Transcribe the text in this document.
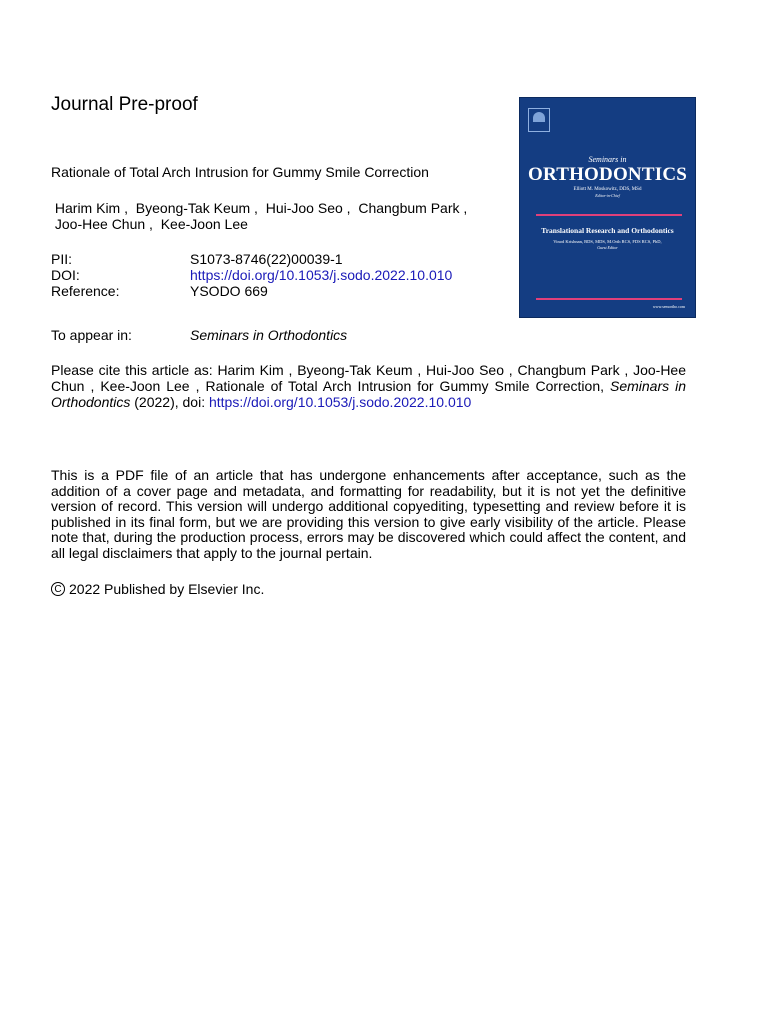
Journal Pre-proof
Seminars in
ORTHODONTICS
Elliott M. Moskowitz, DDS, MSd
Editor-in-Chief
Translational Research and Orthodontics
Vinod Krishnan, BDS, MDS, M.Orth RCS, FDS RCS, PhD,
Guest Editor
www.semortho.com
Rationale of Total Arch Intrusion for Gummy Smile Correction
Harim Kim ,  Byeong-Tak Keum ,  Hui-Joo Seo ,  Changbum Park ,
Joo-Hee Chun ,  Kee-Joon Lee
PII:	S1073-8746(22)00039-1
DOI:	https://doi.org/10.1053/j.sodo.2022.10.010
Reference:	YSODO 669
To appear in:	Seminars in Orthodontics
Please cite this article as: Harim Kim , Byeong-Tak Keum , Hui-Joo Seo , Changbum Park , Joo-Hee Chun , Kee-Joon Lee , Rationale of Total Arch Intrusion for Gummy Smile Correction, Seminars in Orthodontics (2022), doi: https://doi.org/10.1053/j.sodo.2022.10.010
This is a PDF file of an article that has undergone enhancements after acceptance, such as the addition of a cover page and metadata, and formatting for readability, but it is not yet the definitive version of record. This version will undergo additional copyediting, typesetting and review before it is published in its final form, but we are providing this version to give early visibility of the article. Please note that, during the production process, errors may be discovered which could affect the content, and all legal disclaimers that apply to the journal pertain.
C 2022 Published by Elsevier Inc.
